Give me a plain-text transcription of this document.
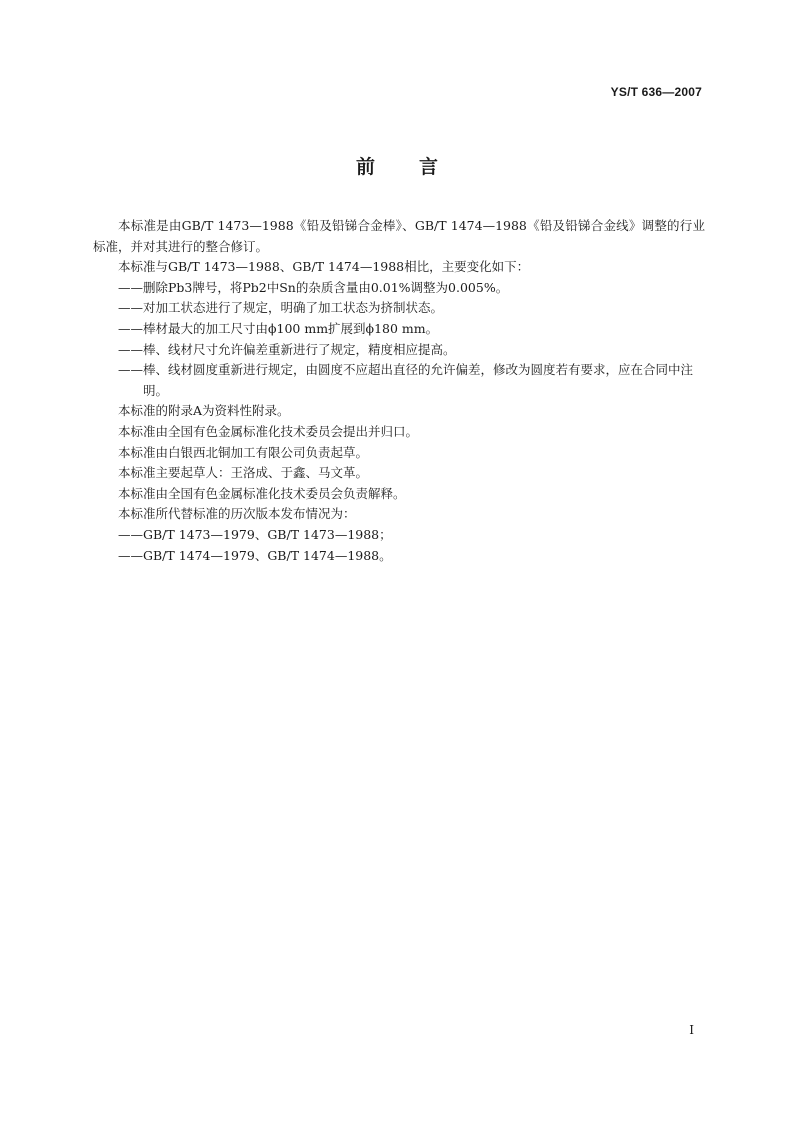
YS/T 636—2007
前言

本标准是由GB/T 1473—1988《铅及铅锑合金棒》、GB/T 1474—1988《铅及铅锑合金线》调整的行业标准，并对其进行的整合修订。

本标准与GB/T 1473—1988、GB/T 1474—1988相比，主要变化如下：

——删除Pb3牌号，将Pb2中Sn的杂质含量由0.01%调整为0.005%。

——对加工状态进行了规定，明确了加工状态为挤制状态。

——棒材最大的加工尺寸由ϕ100 mm扩展到ϕ180 mm。

——棒、线材尺寸允许偏差重新进行了规定，精度相应提高。

——棒、线材圆度重新进行规定，由圆度不应超出直径的允许偏差，修改为圆度若有要求，应在合同中注明。

本标准的附录A为资料性附录。

本标准由全国有色金属标准化技术委员会提出并归口。

本标准由白银西北铜加工有限公司负责起草。

本标准主要起草人：王洛成、于鑫、马文革。

本标准由全国有色金属标准化技术委员会负责解释。

本标准所代替标准的历次版本发布情况为：

——GB/T 1473—1979、GB/T 1473—1988；

——GB/T 1474—1979、GB/T 1474—1988。

I
